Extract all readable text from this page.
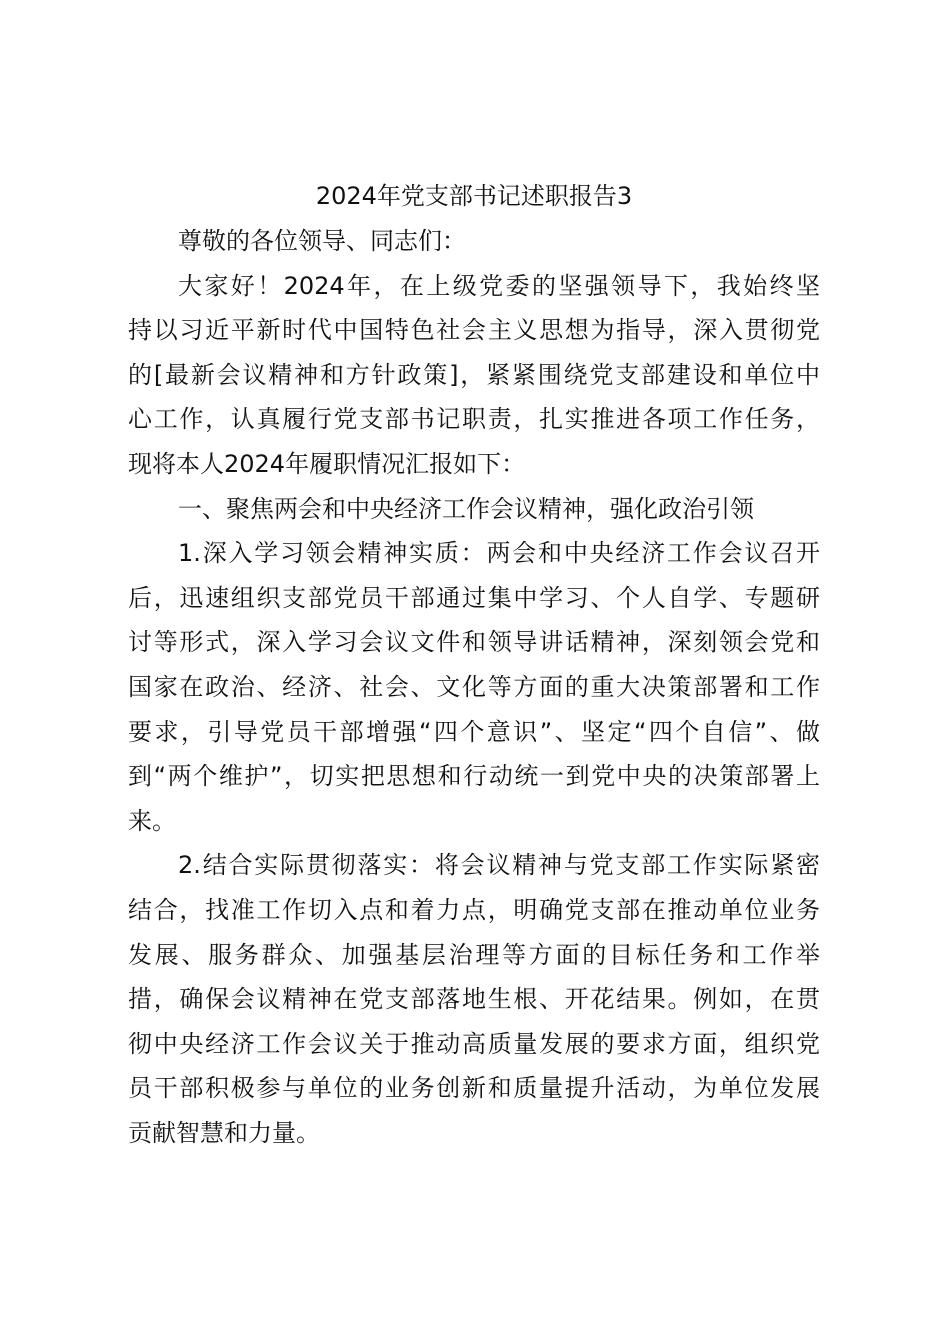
2024年党支部书记述职报告3

尊敬的各位领导、同志们：

大家好！2024年，在上级党委的坚强领导下，我始终坚

持以习近平新时代中国特色社会主义思想为指导，深入贯彻党

的[最新会议精神和方针政策]，紧紧围绕党支部建设和单位中

心工作，认真履行党支部书记职责，扎实推进各项工作任务，

现将本人2024年履职情况汇报如下：

一、聚焦两会和中央经济工作会议精神，强化政治引领

1.深入学习领会精神实质：两会和中央经济工作会议召开

后，迅速组织支部党员干部通过集中学习、个人自学、专题研

讨等形式，深入学习会议文件和领导讲话精神，深刻领会党和

国家在政治、经济、社会、文化等方面的重大决策部署和工作

要求，引导党员干部增强“四个意识”、坚定“四个自信”、做

到“两个维护”，切实把思想和行动统一到党中央的决策部署上

来。

2.结合实际贯彻落实：将会议精神与党支部工作实际紧密

结合，找准工作切入点和着力点，明确党支部在推动单位业务

发展、服务群众、加强基层治理等方面的目标任务和工作举

措，确保会议精神在党支部落地生根、开花结果。例如，在贯

彻中央经济工作会议关于推动高质量发展的要求方面，组织党

员干部积极参与单位的业务创新和质量提升活动，为单位发展

贡献智慧和力量。
